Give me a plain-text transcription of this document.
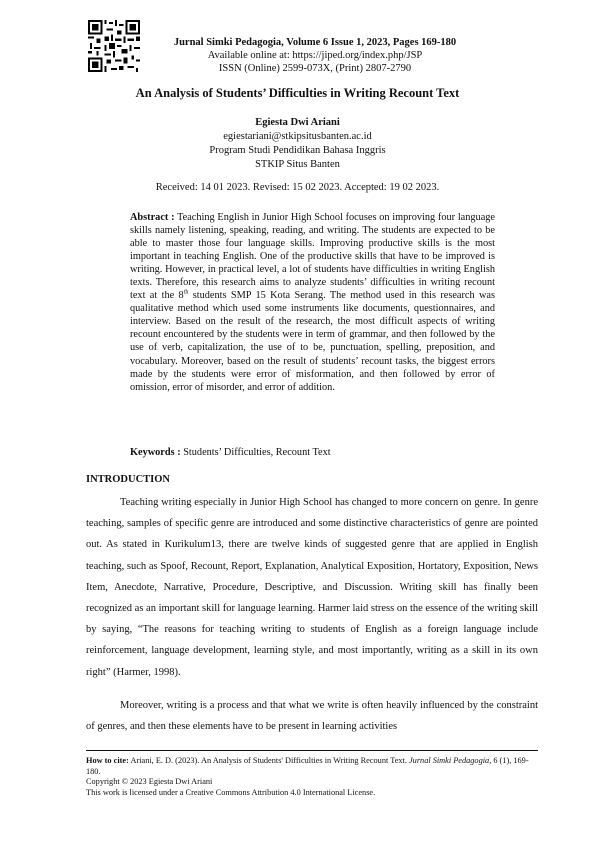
Jurnal Simki Pedagogia, Volume 6 Issue 1, 2023, Pages 169-180
Available online at: https://jiped.org/index.php/JSP
ISSN (Online) 2599-073X, (Print) 2807-2790
An Analysis of Students’ Difficulties in Writing Recount Text
Egiesta Dwi Ariani
egiestariani@stkipsitusbanten.ac.id
Program Studi Pendidikan Bahasa Inggris
STKIP Situs Banten
Received: 14 01 2023. Revised: 15 02 2023. Accepted: 19 02 2023.
Abstract : Teaching English in Junior High School focuses on improving four language skills namely listening, speaking, reading, and writing. The students are expected to be able to master those four language skills. Improving productive skills is the most important in teaching English. One of the productive skills that have to be improved is writing. However, in practical level, a lot of students have difficulties in writing English texts. Therefore, this research aims to analyze students’ difficulties in writing recount text at the 8th students SMP 15 Kota Serang. The method used in this research was qualitative method which used some instruments like documents, questionnaires, and interview. Based on the result of the research, the most difficult aspects of writing recount encountered by the students were in term of grammar, and then followed by the use of verb, capitalization, the use of to be, punctuation, spelling, preposition, and vocabulary. Moreover, based on the result of students’ recount tasks, the biggest errors made by the students were error of misformation, and then followed by error of omission, error of misorder, and error of addition.
Keywords : Students’ Difficulties, Recount Text
INTRODUCTION

Teaching writing especially in Junior High School has changed to more concern on genre. In genre teaching, samples of specific genre are introduced and some distinctive characteristics of genre are pointed out. As stated in Kurikulum13, there are twelve kinds of suggested genre that are applied in English teaching, such as Spoof, Recount, Report, Explanation, Analytical Exposition, Hortatory, Exposition, News Item, Anecdote, Narrative, Procedure, Descriptive, and Discussion. Writing skill has finally been recognized as an important skill for language learning. Harmer laid stress on the essence of the writing skill by saying, “The reasons for teaching writing to students of English as a foreign language include reinforcement, language development, learning style, and most importantly, writing as a skill in its own right” (Harmer, 1998).

Moreover, writing is a process and that what we write is often heavily influenced by the constraint of genres, and then these elements have to be present in learning activities

How to cite: Ariani, E. D. (2023). An Analysis of Students' Difficulties in Writing Recount Text. Jurnal Simki Pedagogia, 6 (1), 169-180.
Copyright © 2023 Egiesta Dwi Ariani
This work is licensed under a Creative Commons Attribution 4.0 International License.
